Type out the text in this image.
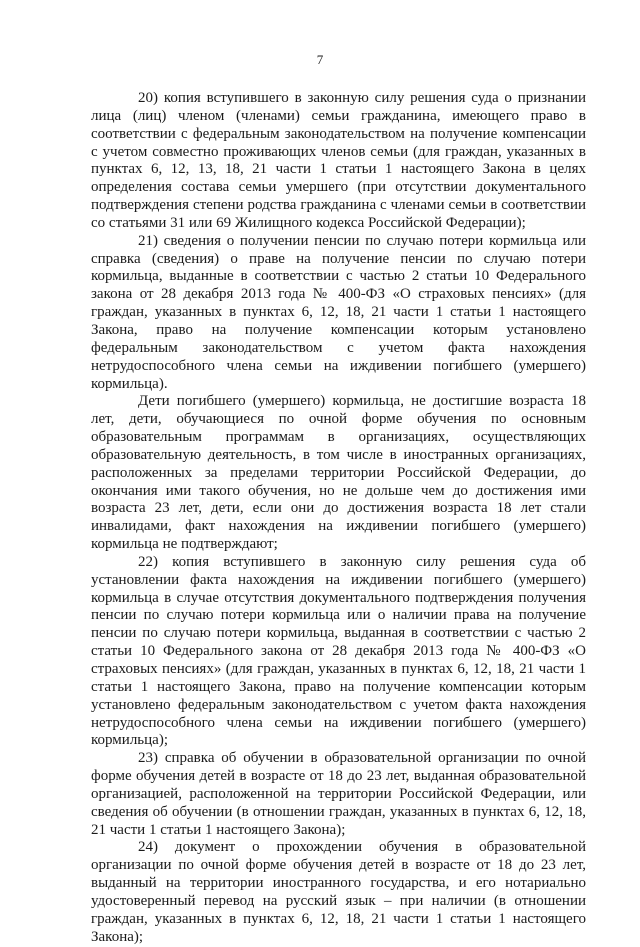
7

20) копия вступившего в законную силу решения суда о признании лица (лиц) членом (членами) семьи гражданина, имеющего право в соответствии с федеральным законодательством на получение компенсации с учетом совместно проживающих членов семьи (для граждан, указанных в пунктах 6, 12, 13, 18, 21 части 1 статьи 1 настоящего Закона в целях определения состава семьи умершего (при отсутствии документального подтверждения степени родства гражданина с членами семьи в соответствии со статьями 31 или 69 Жилищного кодекса Российской Федерации);

21) сведения о получении пенсии по случаю потери кормильца или справка (сведения) о праве на получение пенсии по случаю потери кормильца, выданные в соответствии с частью 2 статьи 10 Федерального закона от 28 декабря 2013 года № 400-ФЗ «О страховых пенсиях» (для граждан, указанных в пунктах 6, 12, 18, 21 части 1 статьи 1 настоящего Закона, право на получение компенсации которым установлено федеральным законодательством с учетом факта нахождения нетрудоспособного члена семьи на иждивении погибшего (умершего) кормильца).

Дети погибшего (умершего) кормильца, не достигшие возраста 18 лет, дети, обучающиеся по очной форме обучения по основным образовательным программам в организациях, осуществляющих образовательную деятельность, в том числе в иностранных организациях, расположенных за пределами территории Российской Федерации, до окончания ими такого обучения, но не дольше чем до достижения ими возраста 23 лет, дети, если они до достижения возраста 18 лет стали инвалидами, факт нахождения на иждивении погибшего (умершего) кормильца не подтверждают;

22) копия вступившего в законную силу решения суда об установлении факта нахождения на иждивении погибшего (умершего) кормильца в случае отсутствия документального подтверждения получения пенсии по случаю потери кормильца или о наличии права на получение пенсии по случаю потери кормильца, выданная в соответствии с частью 2 статьи 10 Федерального закона от 28 декабря 2013 года № 400-ФЗ «О страховых пенсиях» (для граждан, указанных в пунктах 6, 12, 18, 21 части 1 статьи 1 настоящего Закона, право на получение компенсации которым установлено федеральным законодательством с учетом факта нахождения нетрудоспособного члена семьи на иждивении погибшего (умершего) кормильца);

23) справка об обучении в образовательной организации по очной форме обучения детей в возрасте от 18 до 23 лет, выданная образовательной организацией, расположенной на территории Российской Федерации, или сведения об обучении (в отношении граждан, указанных в пунктах 6, 12, 18, 21 части 1 статьи 1 настоящего Закона);

24) документ о прохождении обучения в образовательной организации по очной форме обучения детей в возрасте от 18 до 23 лет, выданный на территории иностранного государства, и его нотариально удостоверенный перевод на русский язык – при наличии (в отношении граждан, указанных в пунктах 6, 12, 18, 21 части 1 статьи 1 настоящего Закона);
